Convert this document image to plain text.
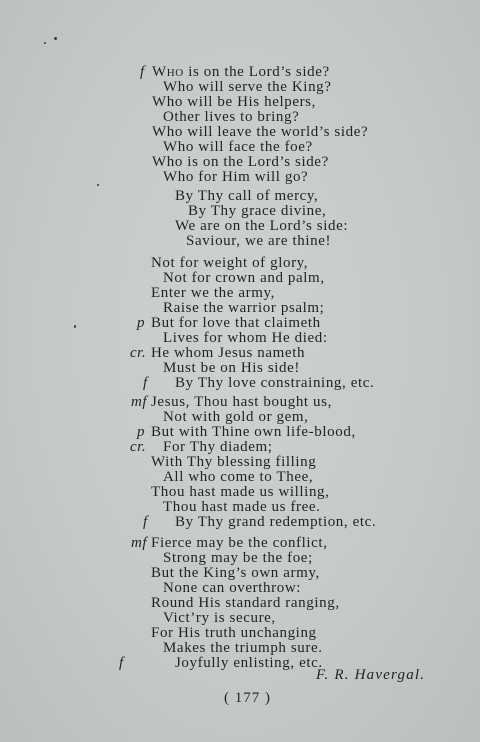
f Who is on the Lord’s side?
Who will serve the King?
Who will be His helpers,
Other lives to bring?
Who will leave the world’s side?
Who will face the foe?
Who is on the Lord’s side?
Who for Him will go?
By Thy call of mercy,
By Thy grace divine,
We are on the Lord’s side:
Saviour, we are thine!
Not for weight of glory,
Not for crown and palm,
Enter we the army,
Raise the warrior psalm;
p But for love that claimeth
Lives for whom He died:
cr. He whom Jesus nameth
Must be on His side!
f By Thy love constraining, etc.
mf Jesus, Thou hast bought us,
Not with gold or gem,
p But with Thine own life-blood,
cr. For Thy diadem;
With Thy blessing filling
All who come to Thee,
Thou hast made us willing,
Thou hast made us free.
f By Thy grand redemption, etc.
mf Fierce may be the conflict,
Strong may be the foe;
But the King’s own army,
None can overthrow:
Round His standard ranging,
Vict’ry is secure,
For His truth unchanging
Makes the triumph sure.
f	Joyfully enlisting, etc.
F. R. Havergal.
( 177 )
